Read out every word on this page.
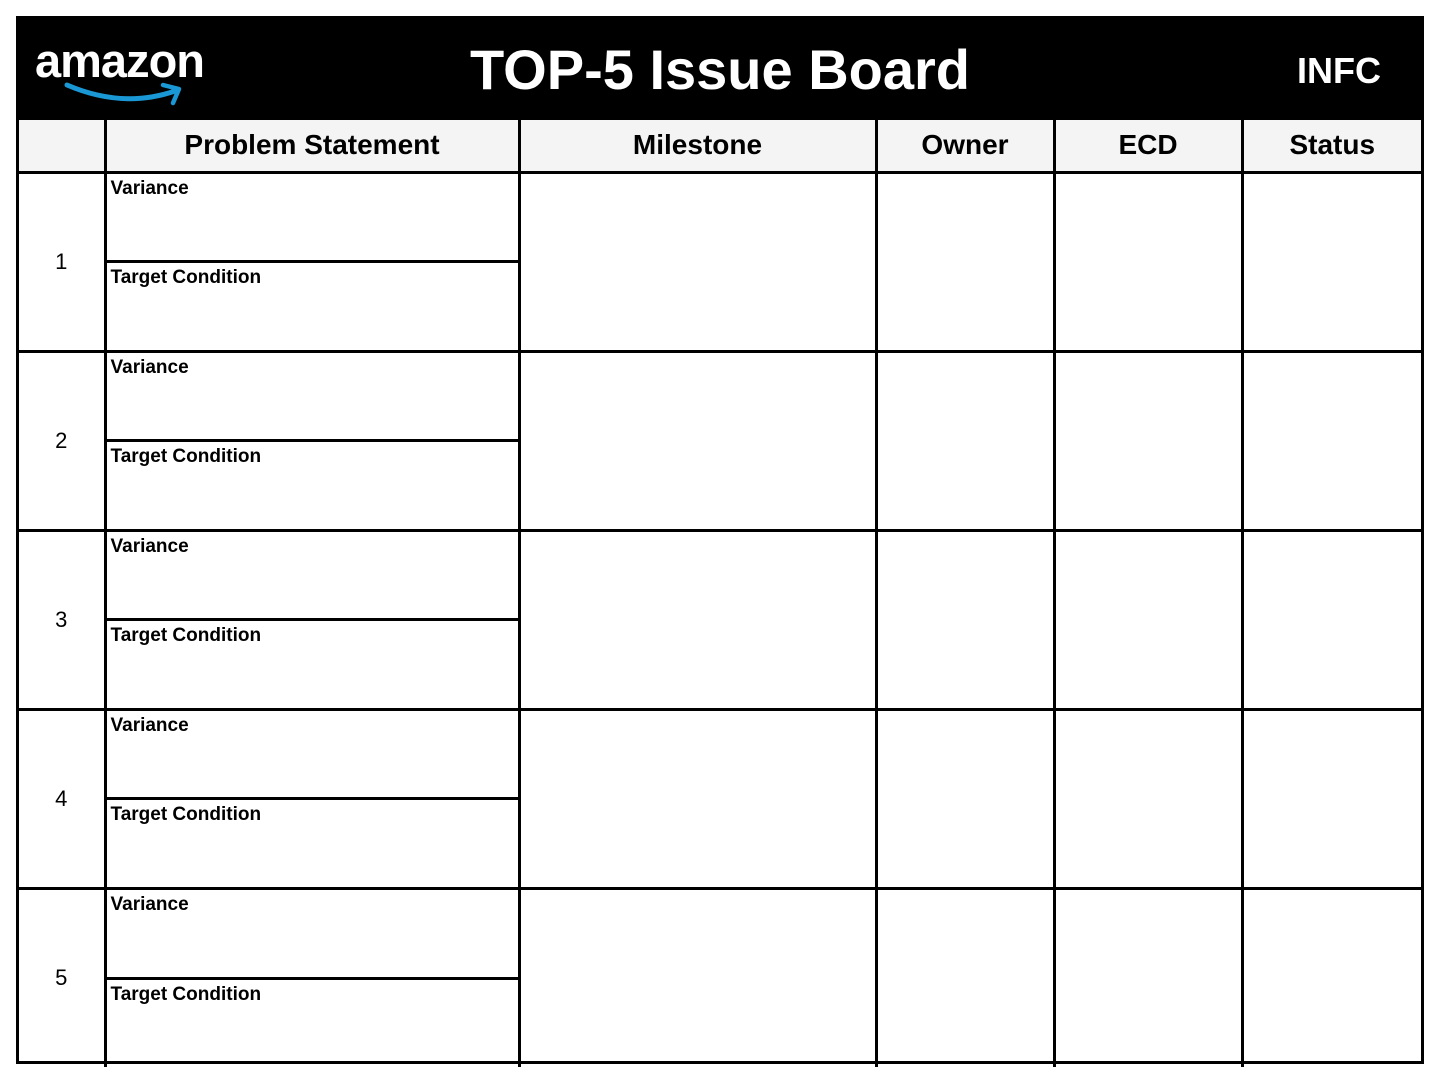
amazon	TOP-5 Issue Board	INFC
	Problem Statement	Milestone	Owner	ECD	Status
1	Variance
Target Condition				

2	Variance
Target Condition				

3	Variance
Target Condition				

4	Variance
Target Condition				

5	Variance
Target Condition				
